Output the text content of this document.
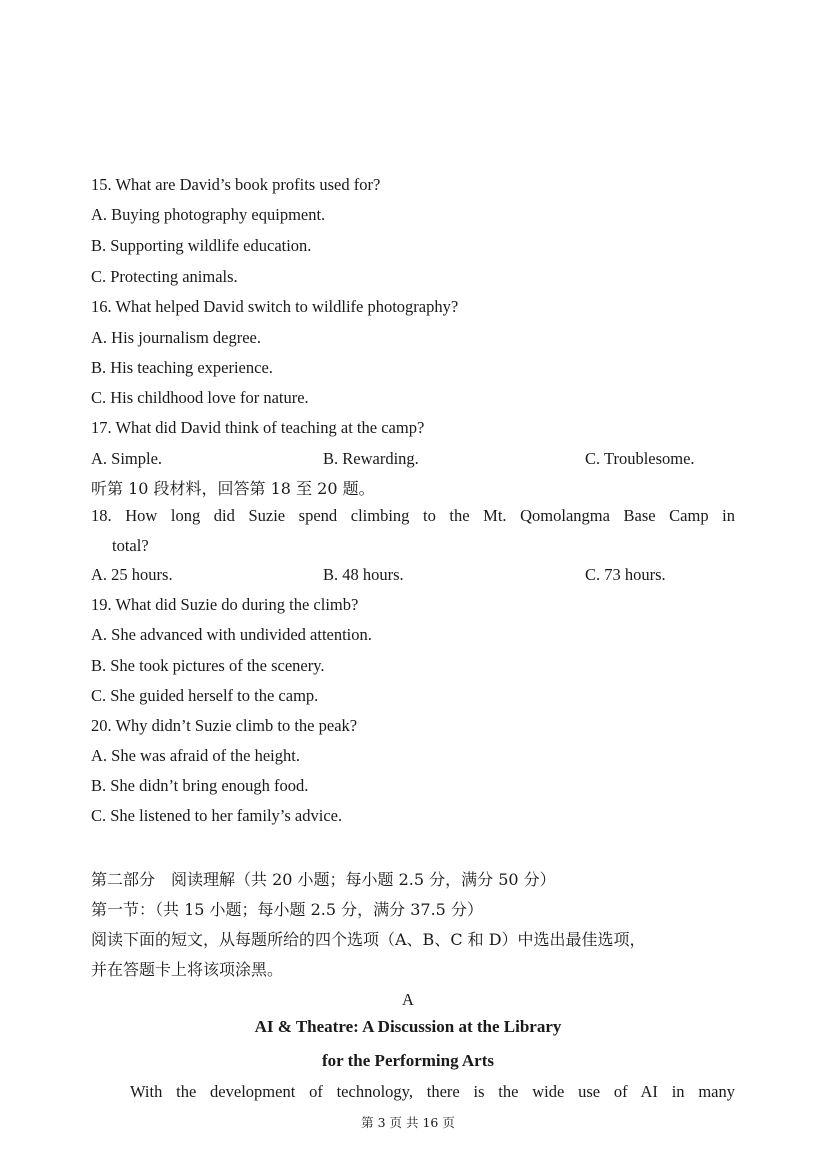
15. What are David’s book profits used for?
A. Buying photography equipment.
B. Supporting wildlife education.
C. Protecting animals.
16. What helped David switch to wildlife photography?
A. His journalism degree.
B. His teaching experience.
C. His childhood love for nature.
17. What did David think of teaching at the camp?
A. Simple.	B. Rewarding.	C. Troublesome.
听第 10 段材料，回答第 18 至 20 题。
18. How long did Suzie spend climbing to the Mt. Qomolangma Base Camp in
total?
A. 25 hours.	B. 48 hours.	C. 73 hours.
19. What did Suzie do during the climb?
A. She advanced with undivided attention.
B. She took pictures of the scenery.
C. She guided herself to the camp.
20. Why didn’t Suzie climb to the peak?
A. She was afraid of the height.
B. She didn’t bring enough food.
C. She listened to her family’s advice.
第二部分　阅读理解（共 20 小题；每小题 2.5 分，满分 50 分）
第一节：（共 15 小题；每小题 2.5 分，满分 37.5 分）
阅读下面的短文，从每题所给的四个选项（A、B、C 和 D）中选出最佳选项，
并在答题卡上将该项涂黑。
A
AI & Theatre: A Discussion at the Library
for the Performing Arts
With the development of technology, there is the wide use of AI in many
第 3 页 共 16 页
